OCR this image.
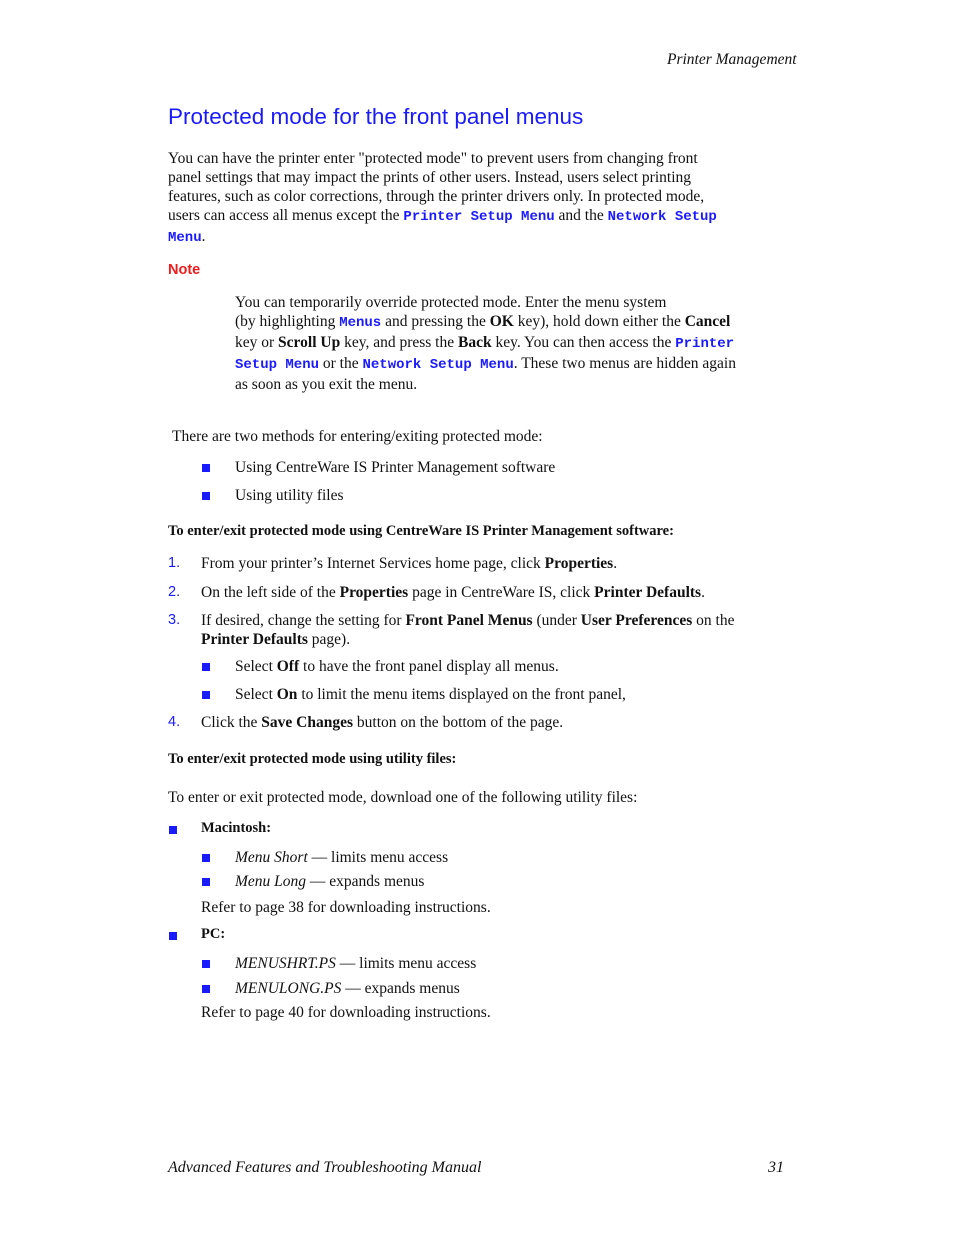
Printer Management
Protected mode for the front panel menus
You can have the printer enter "protected mode" to prevent users from changing front
panel settings that may impact the prints of other users. Instead, users select printing
features, such as color corrections, through the printer drivers only. In protected mode,
users can access all menus except the Printer Setup Menu and the Network Setup
Menu.
Note
You can temporarily override protected mode. Enter the menu system
(by highlighting Menus and pressing the OK key), hold down either the Cancel
key or Scroll Up key, and press the Back key. You can then access the Printer
Setup Menu or the Network Setup Menu. These two menus are hidden again
as soon as you exit the menu.
There are two methods for entering/exiting protected mode:
Using CentreWare IS Printer Management software
Using utility files
To enter/exit protected mode using CentreWare IS Printer Management software:
1. From your printer’s Internet Services home page, click Properties.
2. On the left side of the Properties page in CentreWare IS, click Printer Defaults.
3. If desired, change the setting for Front Panel Menus (under User Preferences on the
Printer Defaults page).
Select Off to have the front panel display all menus.
Select On to limit the menu items displayed on the front panel,
4. Click the Save Changes button on the bottom of the page.
To enter/exit protected mode using utility files:
To enter or exit protected mode, download one of the following utility files:
Macintosh:
Menu Short — limits menu access
Menu Long — expands menus
Refer to page 38 for downloading instructions.
PC:
MENUSHRT.PS — limits menu access
MENULONG.PS — expands menus
Refer to page 40 for downloading instructions.
Advanced Features and Troubleshooting Manual	31
